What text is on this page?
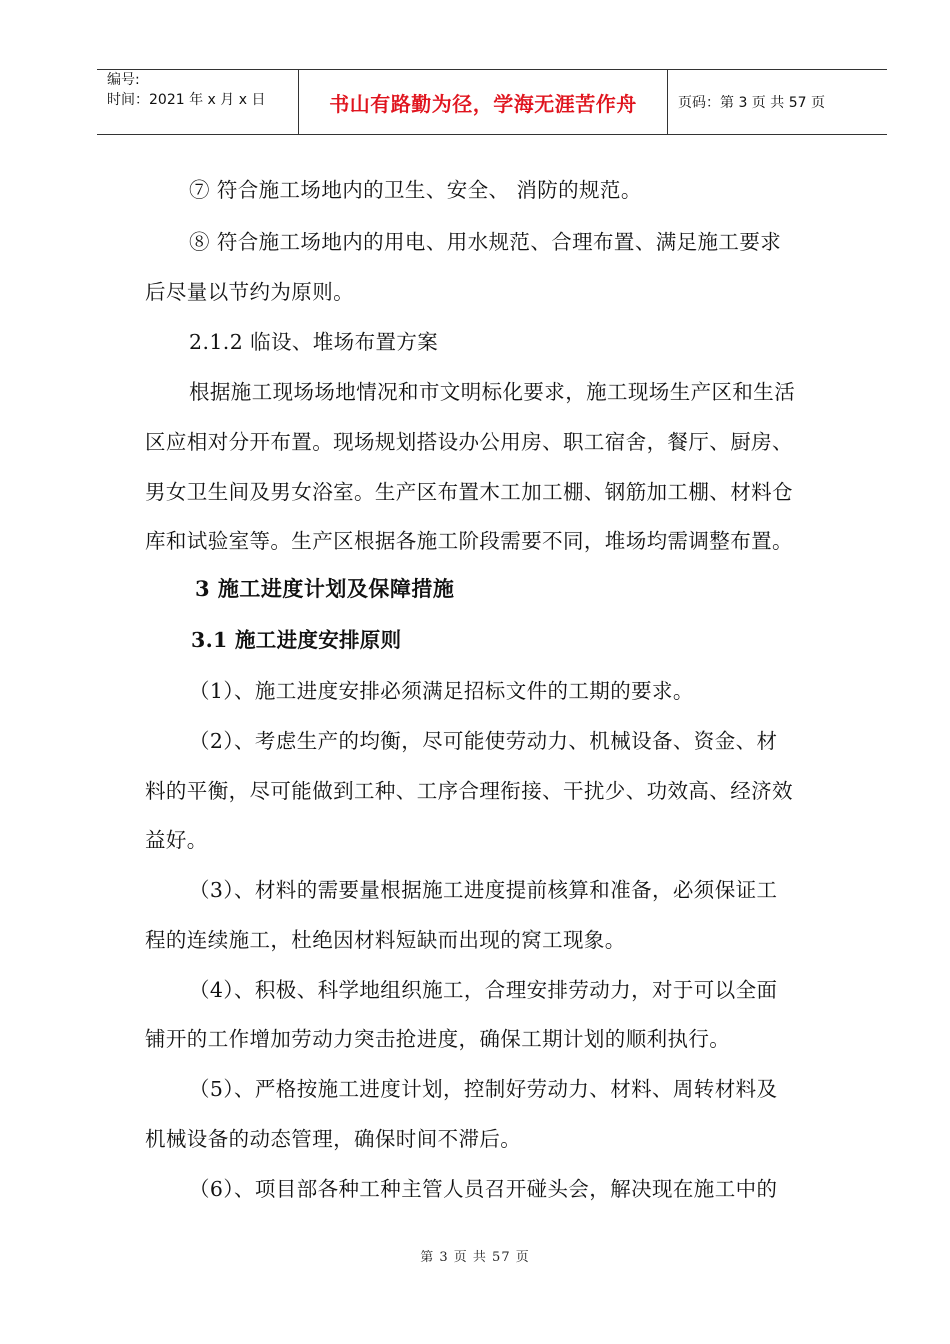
编号:
时间：2021 年 x 月 x 日	书山有路勤为径，学海无涯苦作舟	页码：第 3 页 共 57 页
⑦ 符合施工场地内的卫生、安全、 消防的规范。
⑧ 符合施工场地内的用电、用水规范、合理布置、满足施工要求
后尽量以节约为原则。
2.1.2 临设、堆场布置方案
根据施工现场场地情况和市文明标化要求，施工现场生产区和生活
区应相对分开布置。现场规划搭设办公用房、职工宿舍，餐厅、厨房、
男女卫生间及男女浴室。生产区布置木工加工棚、钢筋加工棚、材料仓
库和试验室等。生产区根据各施工阶段需要不同，堆场均需调整布置。
3 施工进度计划及保障措施
3.1 施工进度安排原则
（1）、施工进度安排必须满足招标文件的工期的要求。
（2）、考虑生产的均衡，尽可能使劳动力、机械设备、资金、材
料的平衡，尽可能做到工种、工序合理衔接、干扰少、功效高、经济效
益好。
（3）、材料的需要量根据施工进度提前核算和准备，必须保证工
程的连续施工，杜绝因材料短缺而出现的窝工现象。
（4）、积极、科学地组织施工，合理安排劳动力，对于可以全面
铺开的工作增加劳动力突击抢进度，确保工期计划的顺利执行。
（5）、严格按施工进度计划，控制好劳动力、材料、周转材料及
机械设备的动态管理，确保时间不滞后。
（6）、项目部各种工种主管人员召开碰头会，解决现在施工中的
第 3 页 共 57 页
